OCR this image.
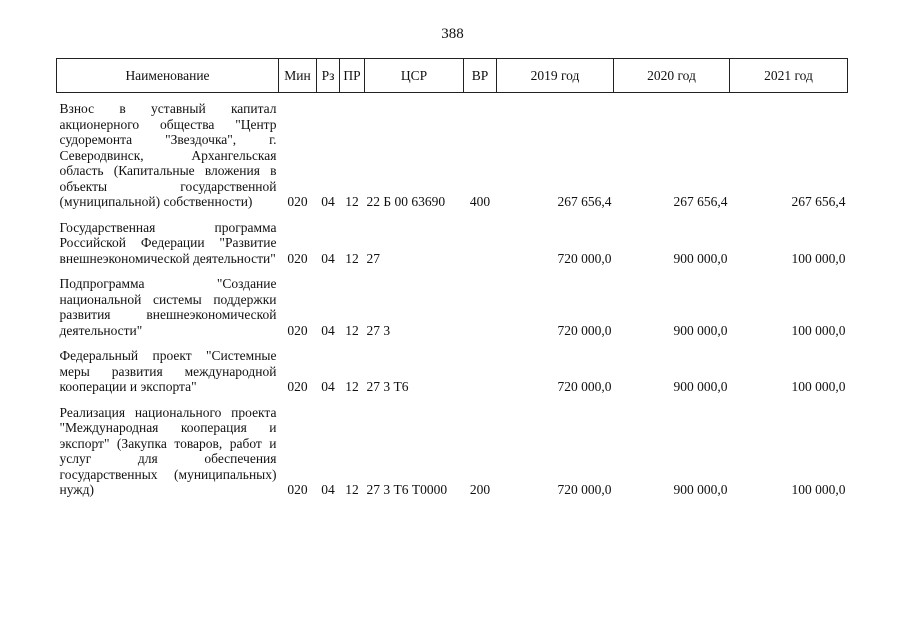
388
Наименование	Мин	Рз	ПР	ЦСР	ВР	2019 год	2020 год	2021 год

Взнос в уставный капитал акционерного общества "Центр судоремонта "Звездочка", г. Северодвинск, Архангельская область (Капитальные вложения в объекты государственной (муниципальной) собственности)	020	04	12	22 Б 00 63690	400	267 656,4	267 656,4	267 656,4

Государственная программа Российской Федерации "Развитие внешнеэкономической деятельности"	020	04	12	27		720 000,0	900 000,0	100 000,0

Подпрограмма "Создание национальной системы поддержки развития внешнеэкономической деятельности"	020	04	12	27 3		720 000,0	900 000,0	100 000,0

Федеральный проект "Системные меры развития международной кооперации и экспорта"	020	04	12	27 3 Т6		720 000,0	900 000,0	100 000,0

Реализация национального проекта "Международная кооперация и экспорт" (Закупка товаров, работ и услуг для обеспечения государственных (муниципальных) нужд)	020	04	12	27 3 Т6 Т0000	200	720 000,0	900 000,0	100 000,0
